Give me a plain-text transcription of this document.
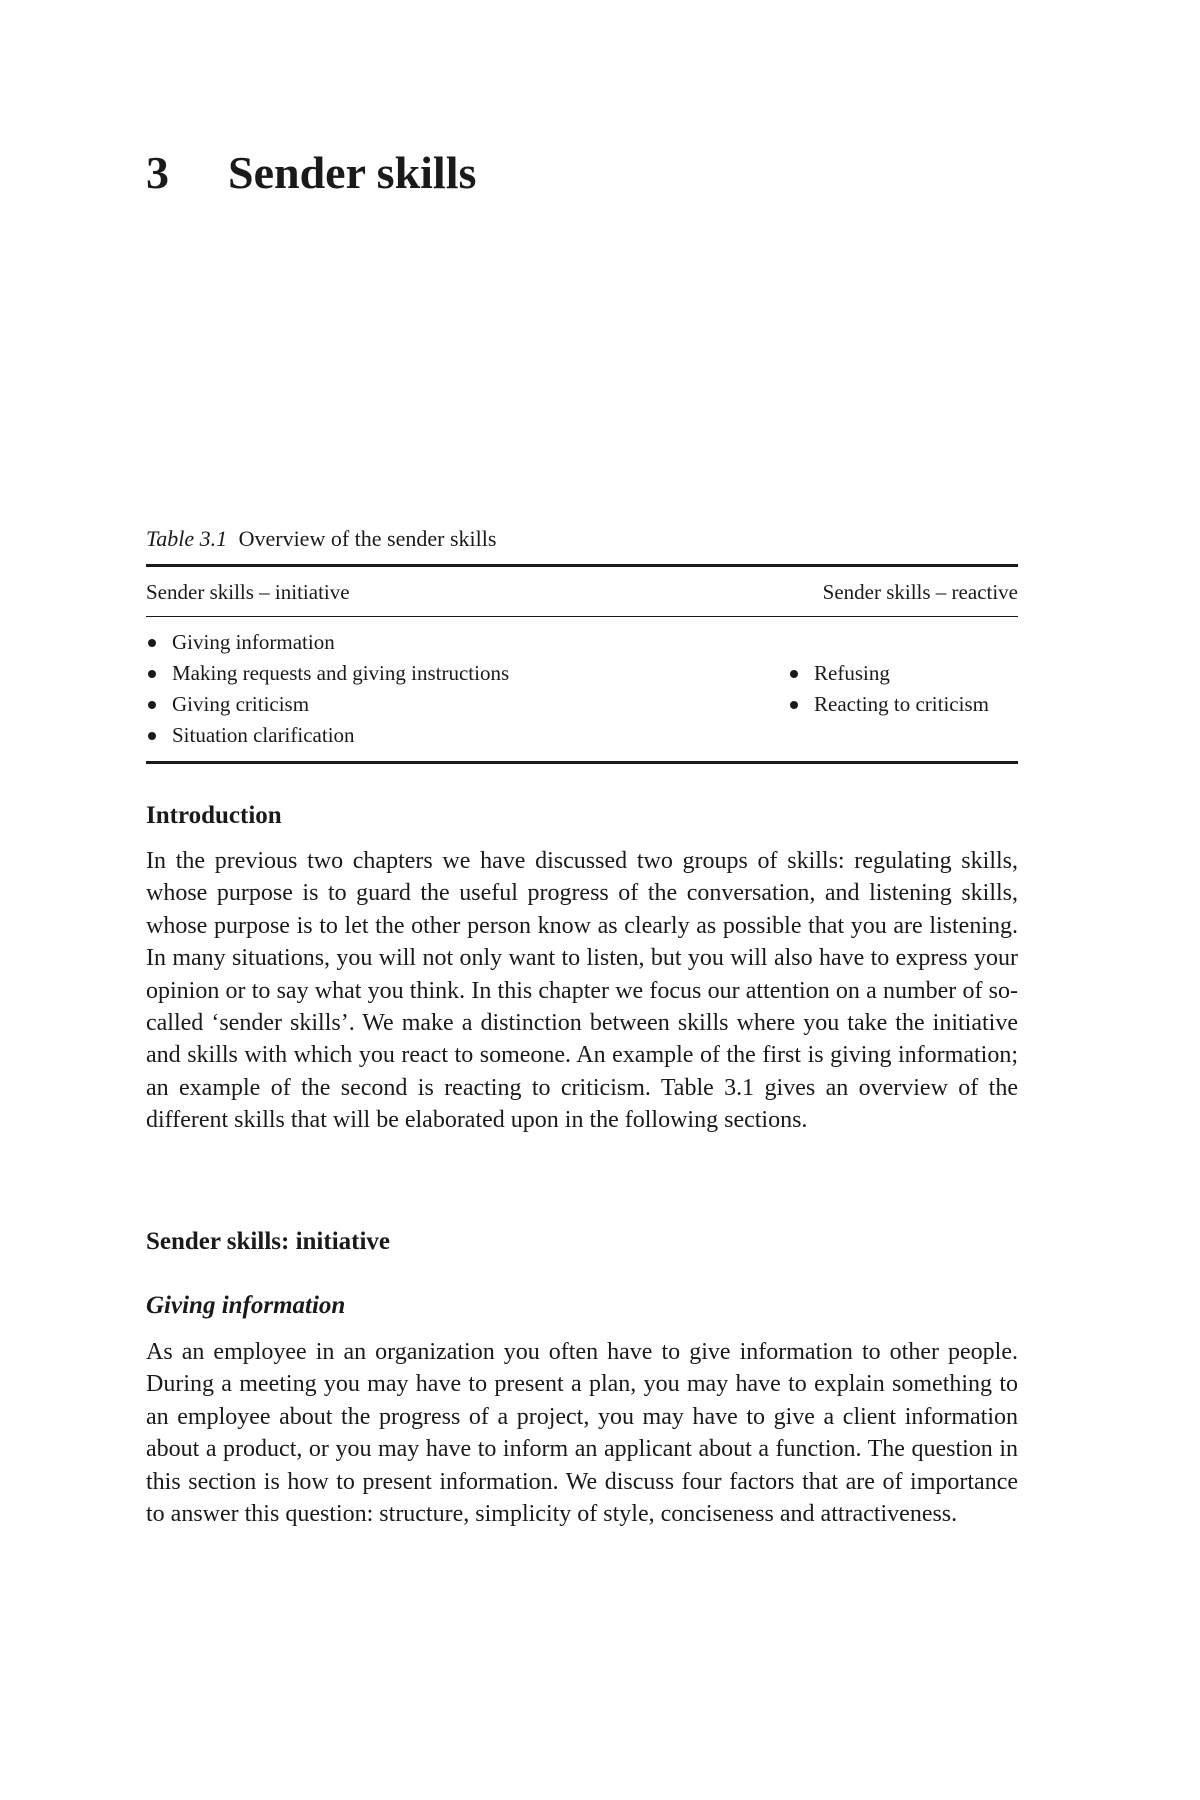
3 Sender skills

Table 3.1 Overview of the sender skills

Sender skills – initiative	Sender skills – reactive
Giving information
Making requests and giving instructions
Giving criticism
Situation clarification
Refusing
Reacting to criticism
Introduction

In the previous two chapters we have discussed two groups of skills: regulating skills, whose purpose is to guard the useful progress of the conversation, and listening skills, whose purpose is to let the other person know as clearly as possible that you are listening. In many situations, you will not only want to listen, but you will also have to express your opinion or to say what you think. In this chapter we focus our attention on a number of so-called ‘sender skills’. We make a distinction between skills where you take the initiative and skills with which you react to someone. An example of the first is giving information; an example of the second is reacting to criticism. Table 3.1 gives an overview of the different skills that will be elaborated upon in the following sections.

Sender skills: initiative
Giving information

As an employee in an organization you often have to give information to other people. During a meeting you may have to present a plan, you may have to explain something to an employee about the progress of a project, you may have to give a client information about a product, or you may have to inform an applicant about a function. The question in this section is how to present information. We discuss four factors that are of importance to answer this question: structure, simplicity of style, conciseness and attractiveness.
